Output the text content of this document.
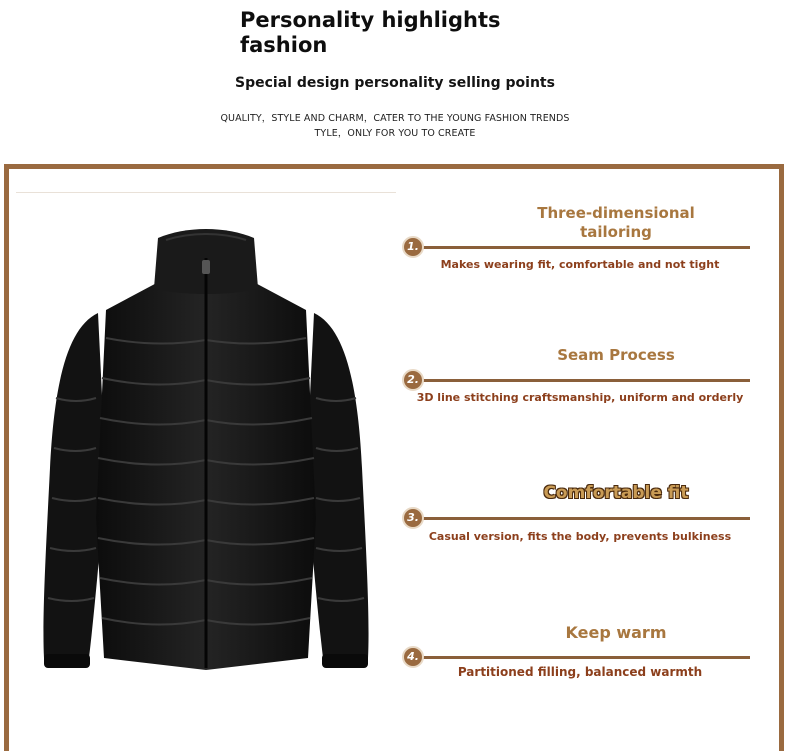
Personality highlights fashion
Special design personality selling points
QUALITY，STYLE AND CHARM，CATER TO THE YOUNG FASHION TRENDS
TYLE，ONLY FOR YOU TO CREATE
Three-dimensional tailoring
1.
Makes wearing fit, comfortable and not tight
Seam Process
2.
3D line stitching craftsmanship, uniform and orderly
Comfortable fit
3.
Casual version, fits the body, prevents bulkiness
Keep warm
4.
Partitioned filling, balanced warmth
